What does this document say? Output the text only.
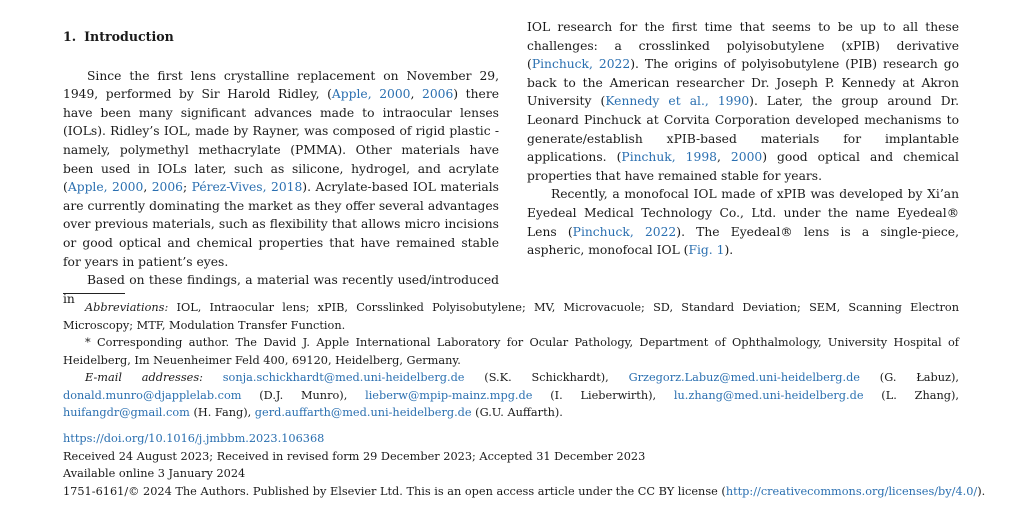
1. Introduction

Since the first lens crystalline replacement on November 29, 1949, performed by Sir Harold Ridley, (Apple, 2000, 2006) there have been many significant advances made to intraocular lenses (IOLs). Ridley’s IOL, made by Rayner, was composed of rigid plastic - namely, polymethyl methacrylate (PMMA). Other materials have been used in IOLs later, such as silicone, hydrogel, and acrylate (Apple, 2000, 2006; Pérez-Vives, 2018). Acrylate-based IOL materials are currently dominating the market as they offer several advantages over previous materials, such as flexibility that allows micro incisions or good optical and chemical properties that have remained stable for years in patient’s eyes.

Based on these findings, a material was recently used/introduced in

IOL research for the first time that seems to be up to all these challenges: a crosslinked polyisobutylene (xPIB) derivative (Pinchuck, 2022). The origins of polyisobutylene (PIB) research go back to the American researcher Dr. Joseph P. Kennedy at Akron University (Kennedy et al., 1990). Later, the group around Dr. Leonard Pinchuck at Corvita Corporation developed mechanisms to generate/establish xPIB-based materials for implantable applications. (Pinchuk, 1998, 2000) good optical and chemical properties that have remained stable for years.

Recently, a monofocal IOL made of xPIB was developed by Xi’an Eyedeal Medical Technology Co., Ltd. under the name Eyedeal® Lens (Pinchuck, 2022). The Eyedeal® lens is a single-piece, aspheric, monofocal IOL (Fig. 1).

Abbreviations: IOL, Intraocular lens; xPIB, Corsslinked Polyisobutylene; MV, Microvacuole; SD, Standard Deviation; SEM, Scanning Electron Microscopy; MTF, Modulation Transfer Function.

* Corresponding author. The David J. Apple International Laboratory for Ocular Pathology, Department of Ophthalmology, University Hospital of Heidelberg, Im Neuenheimer Feld 400, 69120, Heidelberg, Germany.

E-mail addresses: sonja.schickhardt@med.uni-heidelberg.de (S.K. Schickhardt), Grzegorz.Labuz@med.uni-heidelberg.de (G. Łabuz), donald.munro@djapplelab.com (D.J. Munro), lieberw@mpip-mainz.mpg.de (I. Lieberwirth), lu.zhang@med.uni-heidelberg.de (L. Zhang), huifangdr@gmail.com (H. Fang), gerd.auffarth@med.uni-heidelberg.de (G.U. Auffarth).

https://doi.org/10.1016/j.jmbbm.2023.106368
Received 24 August 2023; Received in revised form 29 December 2023; Accepted 31 December 2023
Available online 3 January 2024
1751-6161/© 2024 The Authors. Published by Elsevier Ltd. This is an open access article under the CC BY license (http://creativecommons.org/licenses/by/4.0/).
